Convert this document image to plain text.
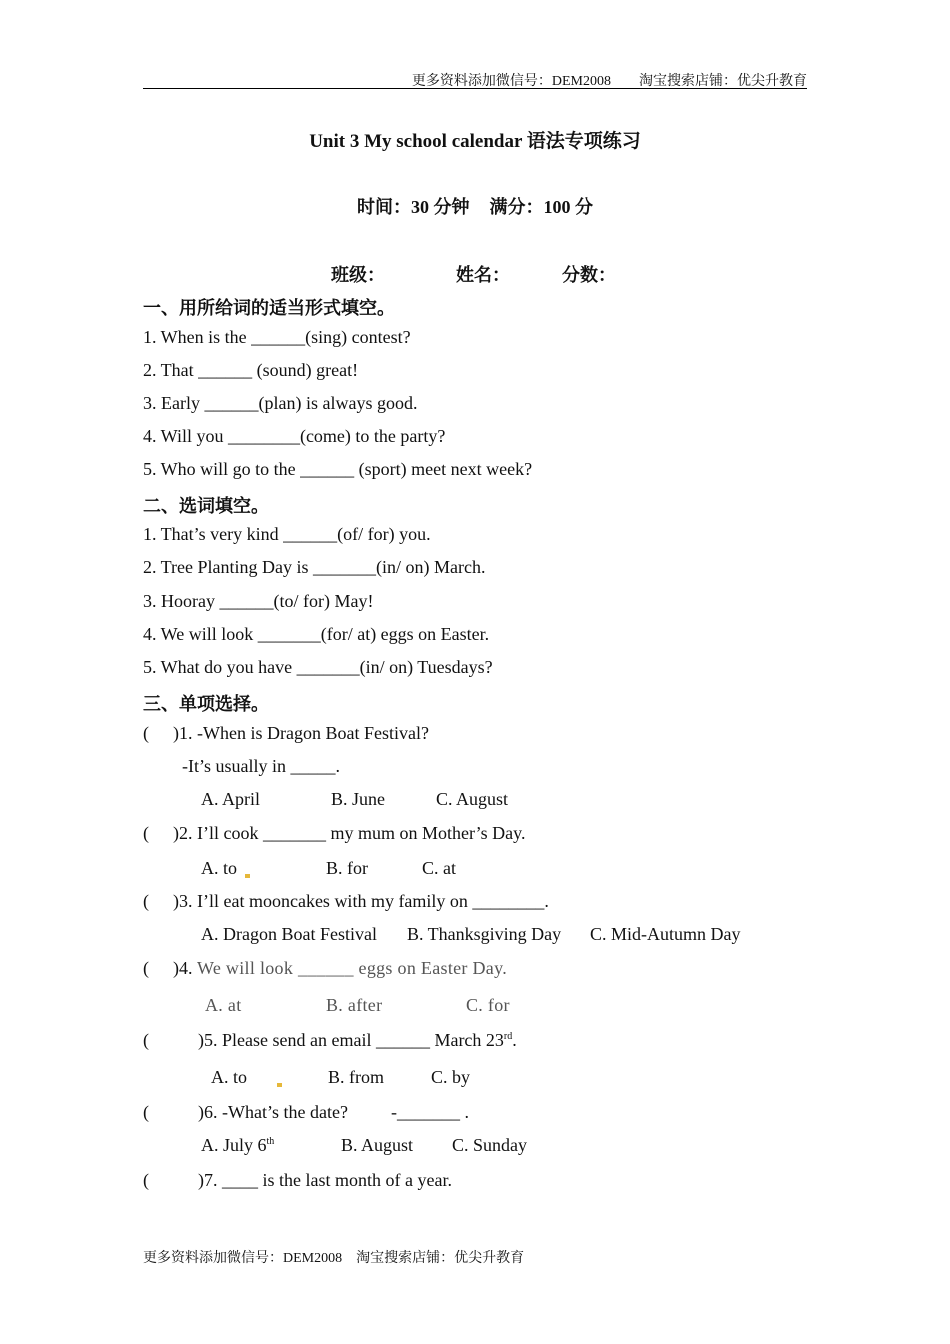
更多资料添加微信号：DEM2008　　淘宝搜索店铺：优尖升教育
Unit 3 My school calendar 语法专项练习
时间：30 分钟 满分：100 分
班级：	姓名：	分数：
一、用所给词的适当形式填空。
1. When is the ______(sing) contest?
2. That ______ (sound) great!
3. Early ______(plan) is always good.
4. Will you ________(come) to the party?
5. Who will go to the ______ (sport) meet next week?
二、选词填空。
1. That’s very kind ______(of/ for) you.
2. Tree Planting Day is _______(in/ on) March.
3. Hooray ______(to/ for) May!
4. We will look _______(for/ at) eggs on Easter.
5. What do you have _______(in/ on) Tuesdays?
三、单项选择。
( )1. -When is Dragon Boat Festival?
-It’s usually in _____.
A. April	B. June	C. August
( )2. I’ll cook _______ my mum on Mother’s Day.
A. to	B. for	C. at
( )3. I’ll eat mooncakes with my family on ________.
A. Dragon Boat Festival B. Thanksgiving Day C. Mid-Autumn Day
( )4. We will look ______ eggs on Easter Day.
A. at	B. after	C. for
(	)5. Please send an email ______ March 23rd.
A. to	B. from	C. by
(	)6. -What’s the date? -_______ .
A. July 6th	B. August C. Sunday
(	)7. ____ is the last month of a year.
更多资料添加微信号：DEM2008　淘宝搜索店铺：优尖升教育
